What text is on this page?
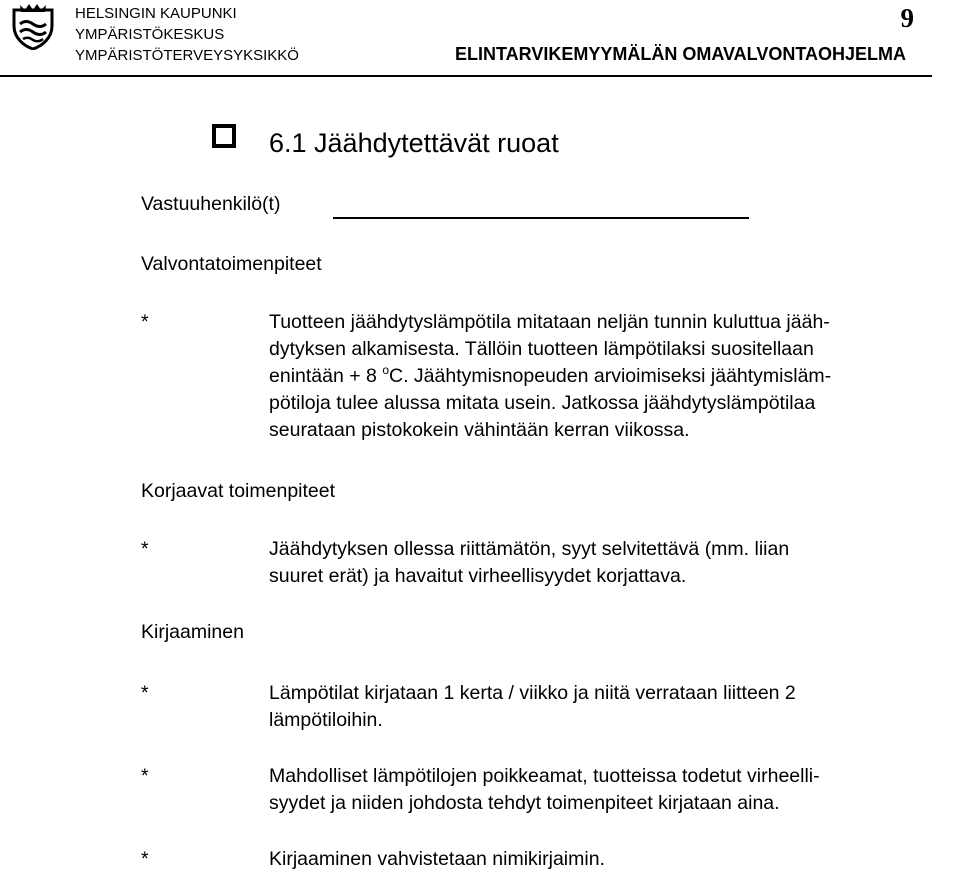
HELSINGIN KAUPUNKI
YMPÄRISTÖKESKUS
YMPÄRISTÖTERVEYSYKSIKKÖ
9
ELINTARVIKEMYYMÄLÄN OMAVALVONTAOHJELMA
6.1 Jäähdytettävät ruoat
Vastuuhenkilö(t)
Valvontatoimenpiteet
*	Tuotteen jäähdytyslämpötila mitataan neljän tunnin kuluttua jääh-
dytyksen alkamisesta. Tällöin tuotteen lämpötilaksi suositellaan
enintään + 8 $^o$C. Jäähtymisnopeuden arvioimiseksi jäähtymisläm-
pötiloja tulee alussa mitata usein. Jatkossa jäähdytyslämpötilaa
seurataan pistokokein vähintään kerran viikossa.
Korjaavat toimenpiteet
*	Jäähdytyksen ollessa riittämätön, syyt selvitettävä (mm. liian
suuret erät) ja havaitut virheellisyydet korjattava.
Kirjaaminen
*	Lämpötilat kirjataan 1 kerta / viikko ja niitä verrataan liitteen 2
lämpötiloihin.
*	Mahdolliset lämpötilojen poikkeamat, tuotteissa todetut virheelli-
syydet ja niiden johdosta tehdyt toimenpiteet kirjataan aina.
*	Kirjaaminen vahvistetaan nimikirjaimin.
